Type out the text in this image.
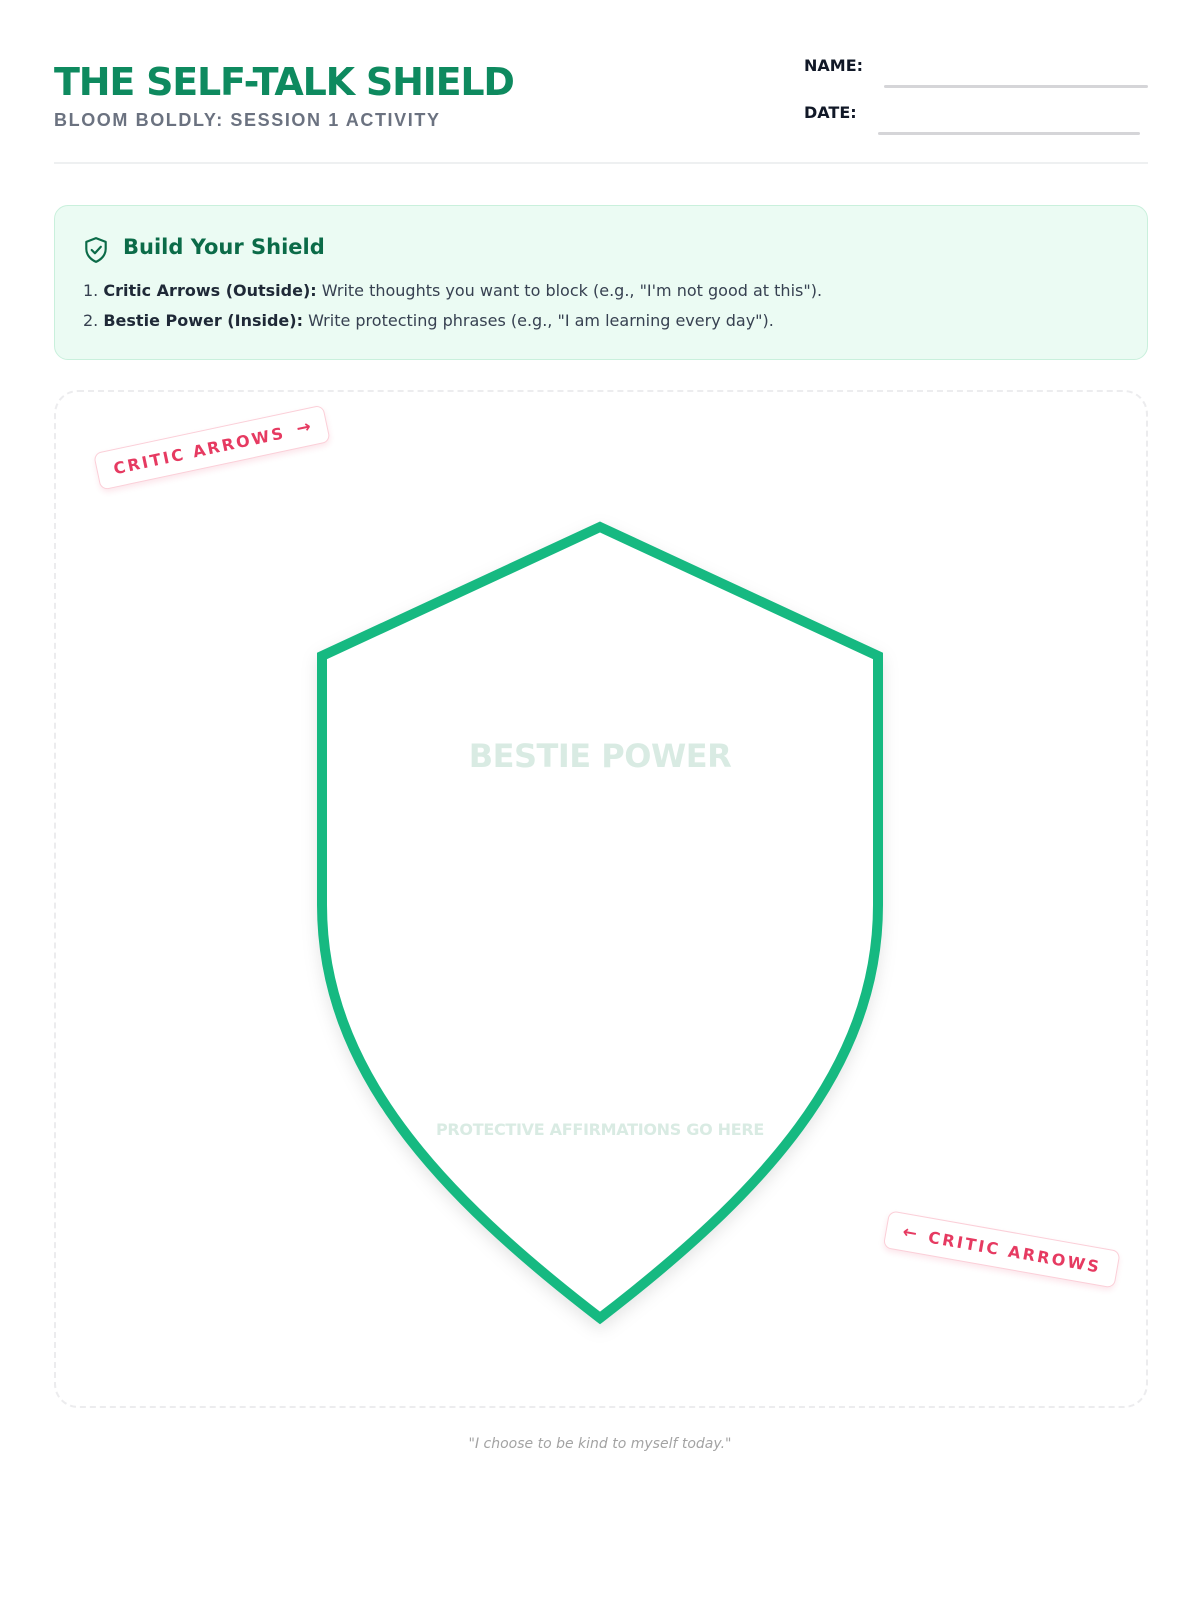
THE SELF-TALK SHIELD
BLOOM BOLDLY: SESSION 1 ACTIVITY
NAME:
DATE:
Build Your Shield
1. Critic Arrows (Outside): Write thoughts you want to block (e.g., "I'm not good at this").
2. Bestie Power (Inside): Write protecting phrases (e.g., "I am learning every day").
CRITIC ARROWS →
← CRITIC ARROWS
BESTIE POWER
PROTECTIVE AFFIRMATIONS GO HERE
"I choose to be kind to myself today."
